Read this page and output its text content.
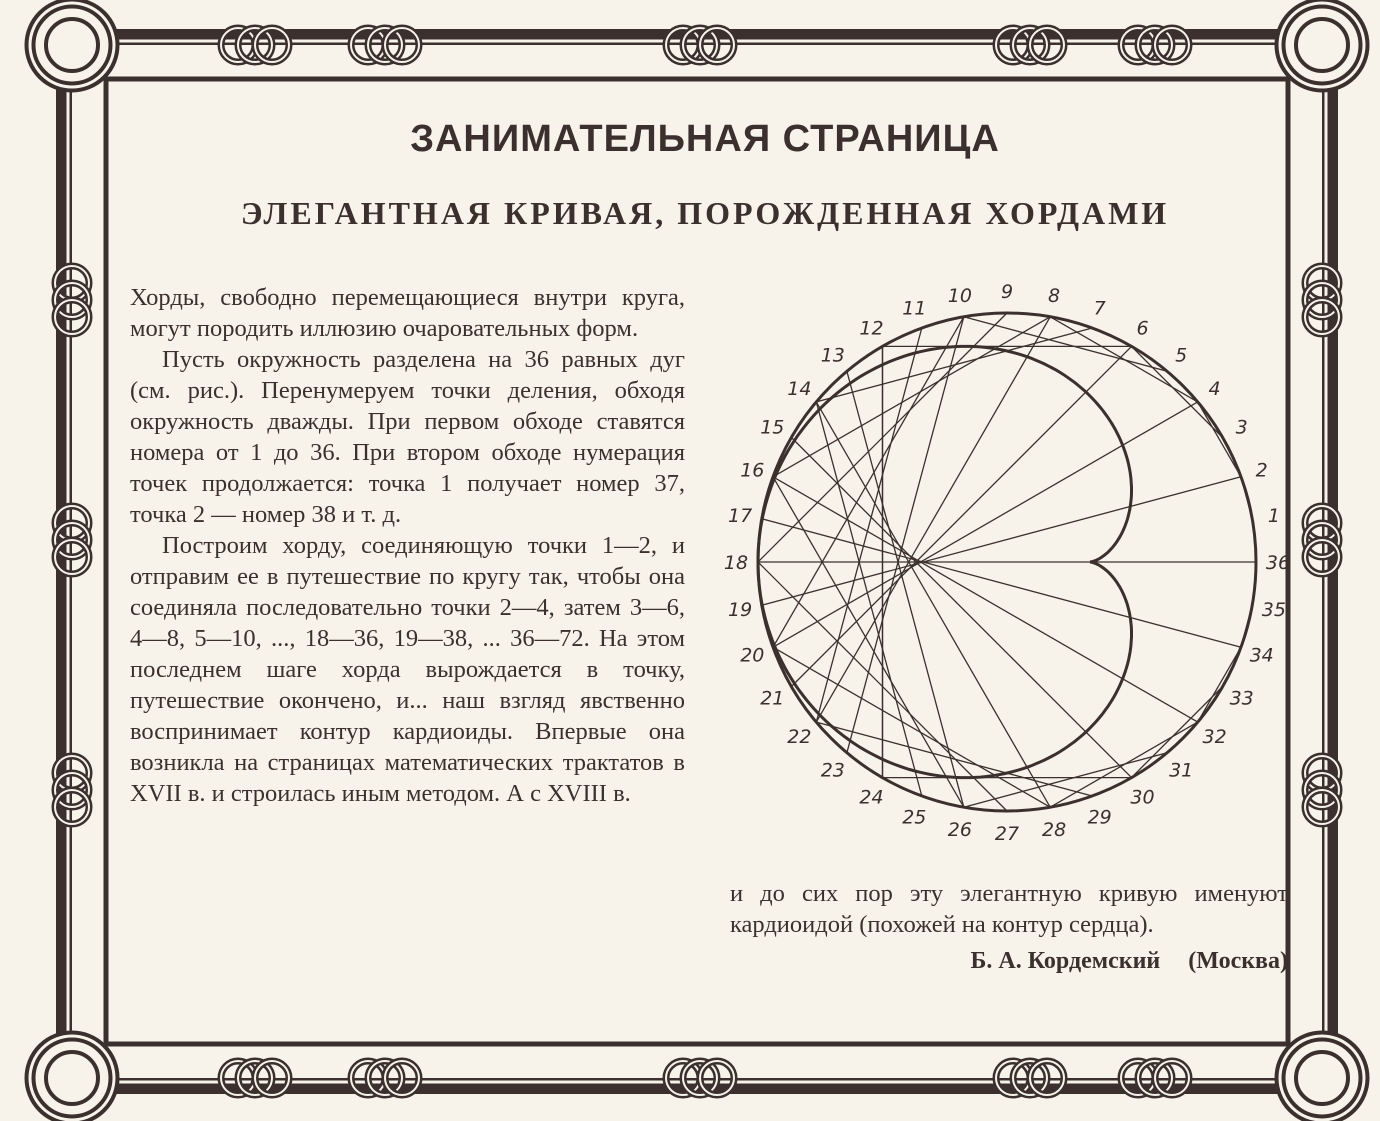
ЗАНИМАТЕЛЬНАЯ СТРАНИЦА
ЭЛЕГАНТНАЯ КРИВАЯ, ПОРОЖДЕННАЯ ХОРДАМИ

Хорды, свободно перемещающиеся внутри круга, могут породить иллюзию очаровательных форм.

Пусть окружность разделена на 36 равных дуг (см. рис.). Перенумеруем точки деления, обходя окружность дважды. При первом обходе ставятся номера от 1 до 36. При втором обходе нумерация точек продолжается: точка 1 получает номер 37, точка 2 — номер 38 и т. д.

Построим хорду, соединяющую точки 1—2, и отправим ее в путешествие по кругу так, чтобы она соединяла последовательно точки 2—4, затем 3—6, 4—8, 5—10, ..., 18—36, 19—38, ... 36—72. На этом последнем шаге хорда вырождается в точку, путешествие окончено, и... наш взгляд явственно воспринимает контур кардиоиды. Впервые она возникла на страницах математических трактатов в XVII в. и строилась иным методом. А с XVIII в.

1
2
3
4
5
6
7
8
9
10
11
12
13
14
15
16
17
18
19
20
21
22
23
24
25
26 27 28
29
30
31
32
33
34
35
36

и до сих пор эту элегантную кривую именуют кардиоидой (похожей на контур сердца).

Б. А. Кордемский (Москва)
